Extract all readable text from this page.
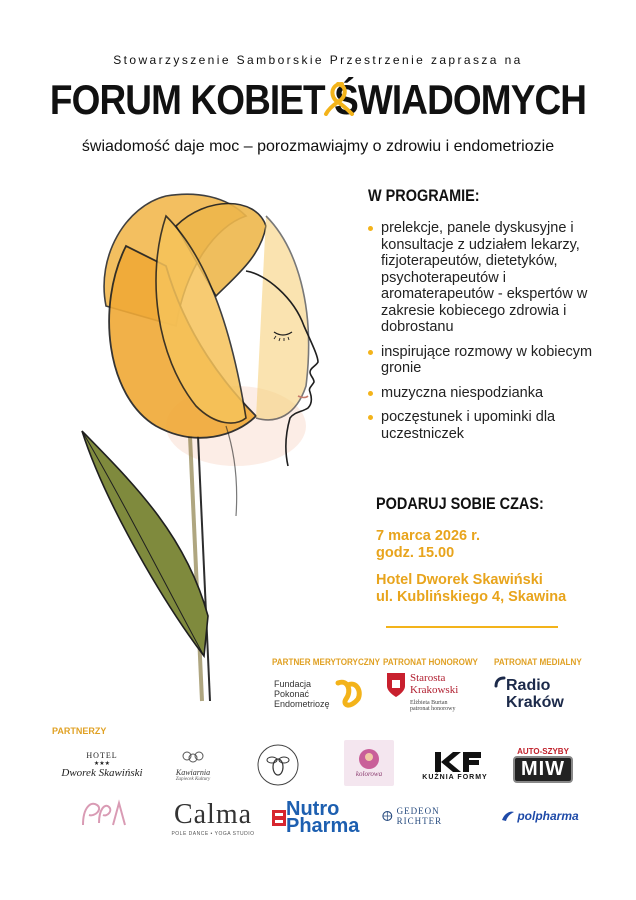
Stowarzyszenie Samborskie Przestrzenie zaprasza na
FORUM KOBIET ŚWIADOMYCH
świadomość daje moc – porozmawiajmy o zdrowiu i endometriozie
W PROGRAMIE:
prelekcje, panele dyskusyjne i konsultacje z udziałem lekarzy, fizjoterapeutów, dietetyków, psychoterapeutów i aromaterapeutów - ekspertów w zakresie kobiecego zdrowia i dobrostanu
inspirujące rozmowy w kobiecym gronie
muzyczna niespodzianka
poczęstunek i upominki dla uczestniczek
PODARUJ SOBIE CZAS:
7 marca 2026 r.
godz. 15.00
Hotel Dworek Skawiński
ul. Kublińskiego 4, Skawina
PARTNER MERYTORYCZNY PATRONAT HONOROWY PATRONAT MEDIALNY
Fundacja
Pokonać
Endometriozę
Starosta
Krakowski
Elżbieta Burtan
patronat honorowy
Radio
Kraków
PARTNERZY
HOTEL
★★★
Dworek Skawiński	Kawiarnia
Zapiecek Kultury
kolorowa	KUŹNIA FORMY
AUTO-SZYBY
MIW
Calma
POLE DANCE • YOGA STUDIO
Nutro
Pharma
GEDEON RICHTER	polpharma
